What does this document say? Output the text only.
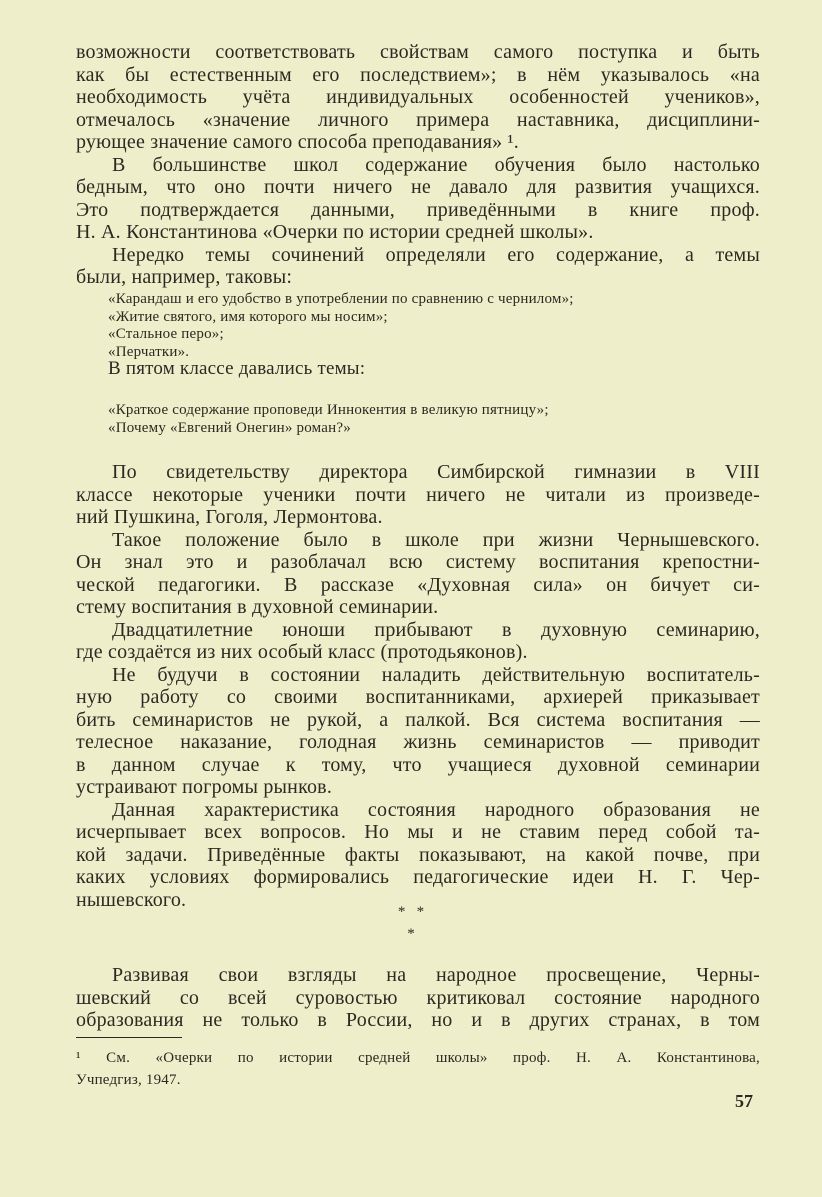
возможности соответствовать свойствам самого поступка и быть
как бы естественным его последствием»; в нём указывалось «на
необходимость учёта индивидуальных особенностей учеников»,
отмечалось «значение личного примера наставника, дисциплини-
рующее значение самого способа преподавания» ¹.
В большинстве школ содержание обучения было настолько
бедным, что оно почти ничего не давало для развития учащихся.
Это подтверждается данными, приведёнными в книге проф.
Н. А. Константинова «Очерки по истории средней школы».
Нередко темы сочинений определяли его содержание, а темы
были, например, таковы:
«Карандаш и его удобство в употреблении по сравнению с чернилом»;
«Житие святого, имя которого мы носим»;
«Стальное перо»;
«Перчатки».
В пятом классе давались темы:
«Краткое содержание проповеди Иннокентия в великую пятницу»;
«Почему «Евгений Онегин» роман?»
По свидетельству директора Симбирской гимназии в VIII
классе некоторые ученики почти ничего не читали из произведе-
ний Пушкина, Гоголя, Лермонтова.
Такое положение было в школе при жизни Чернышевского.
Он знал это и разоблачал всю систему воспитания крепостни-
ческой педагогики. В рассказе «Духовная сила» он бичует си-
стему воспитания в духовной семинарии.
Двадцатилетние юноши прибывают в духовную семинарию,
где создаётся из них особый класс (протодьяконов).
Не будучи в состоянии наладить действительную воспитатель-
ную работу со своими воспитанниками, архиерей приказывает
бить семинаристов не рукой, а палкой. Вся система воспитания —
телесное наказание, голодная жизнь семинаристов — приводит
в данном случае к тому, что учащиеся духовной семинарии
устраивают погромы рынков.
Данная характеристика состояния народного образования не
исчерпывает всех вопросов. Но мы и не ставим перед собой та-
кой задачи. Приведённые факты показывают, на какой почве, при
каких условиях формировались педагогические идеи Н. Г. Чер-
нышевского.
*   *
*
Развивая свои взгляды на народное просвещение, Черны-
шевский со всей суровостью критиковал состояние народного
образования не только в России, но и в других странах, в том
¹ См. «Очерки по истории средней школы» проф. Н. А. Константинова,
Учпедгиз, 1947.
57
